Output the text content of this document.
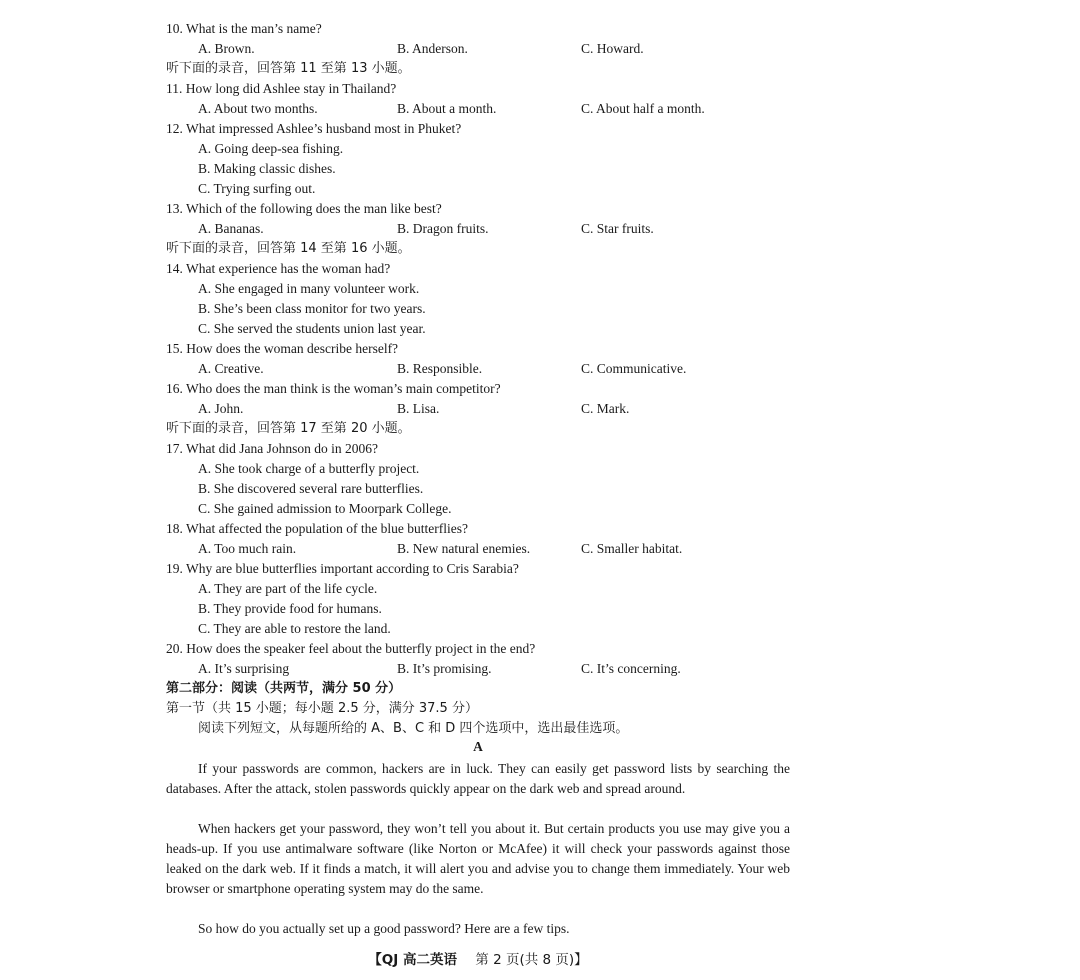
10. What is the man’s name?
A. Brown.	B. Anderson.	C. Howard.
听下面的录音，回答第 11 至第 13 小题。
11. How long did Ashlee stay in Thailand?
A. About two months.	B. About a month.	C. About half a month.
12. What impressed Ashlee’s husband most in Phuket?
A. Going deep-sea fishing.
B. Making classic dishes.
C. Trying surfing out.
13. Which of the following does the man like best?
A. Bananas.	B. Dragon fruits.	C. Star fruits.
听下面的录音，回答第 14 至第 16 小题。
14. What experience has the woman had?
A. She engaged in many volunteer work.
B. She’s been class monitor for two years.
C. She served the students union last year.
15. How does the woman describe herself?
A. Creative.	B. Responsible.	C. Communicative.
16. Who does the man think is the woman’s main competitor?
A. John.	B. Lisa.	C. Mark.
听下面的录音，回答第 17 至第 20 小题。
17. What did Jana Johnson do in 2006?
A. She took charge of a butterfly project.
B. She discovered several rare butterflies.
C. She gained admission to Moorpark College.
18. What affected the population of the blue butterflies?
A. Too much rain.	B. New natural enemies.	C. Smaller habitat.
19. Why are blue butterflies important according to Cris Sarabia?
A. They are part of the life cycle.
B. They provide food for humans.
C. They are able to restore the land.
20. How does the speaker feel about the butterfly project in the end?
A. It’s surprising	B. It’s promising.	C. It’s concerning.
第二部分：阅读（共两节，满分 50 分）
第一节（共 15 小题；每小题 2.5 分，满分 37.5 分）
阅读下列短文，从每题所给的 A、B、C 和 D 四个选项中，选出最佳选项。
A
If your passwords are common, hackers are in luck. They can easily get password lists by searching the databases. After the attack, stolen passwords quickly appear on the dark web and spread around.
When hackers get your password, they won’t tell you about it. But certain products you use may give you a heads-up. If you use antimalware software (like Norton or McAfee) it will check your passwords against those leaked on the dark web. If it finds a match, it will alert you and advise you to change them immediately. Your web browser or smartphone operating system may do the same.
So how do you actually set up a good password? Here are a few tips.
【QJ 高二英语 第 2 页(共 8 页)】
